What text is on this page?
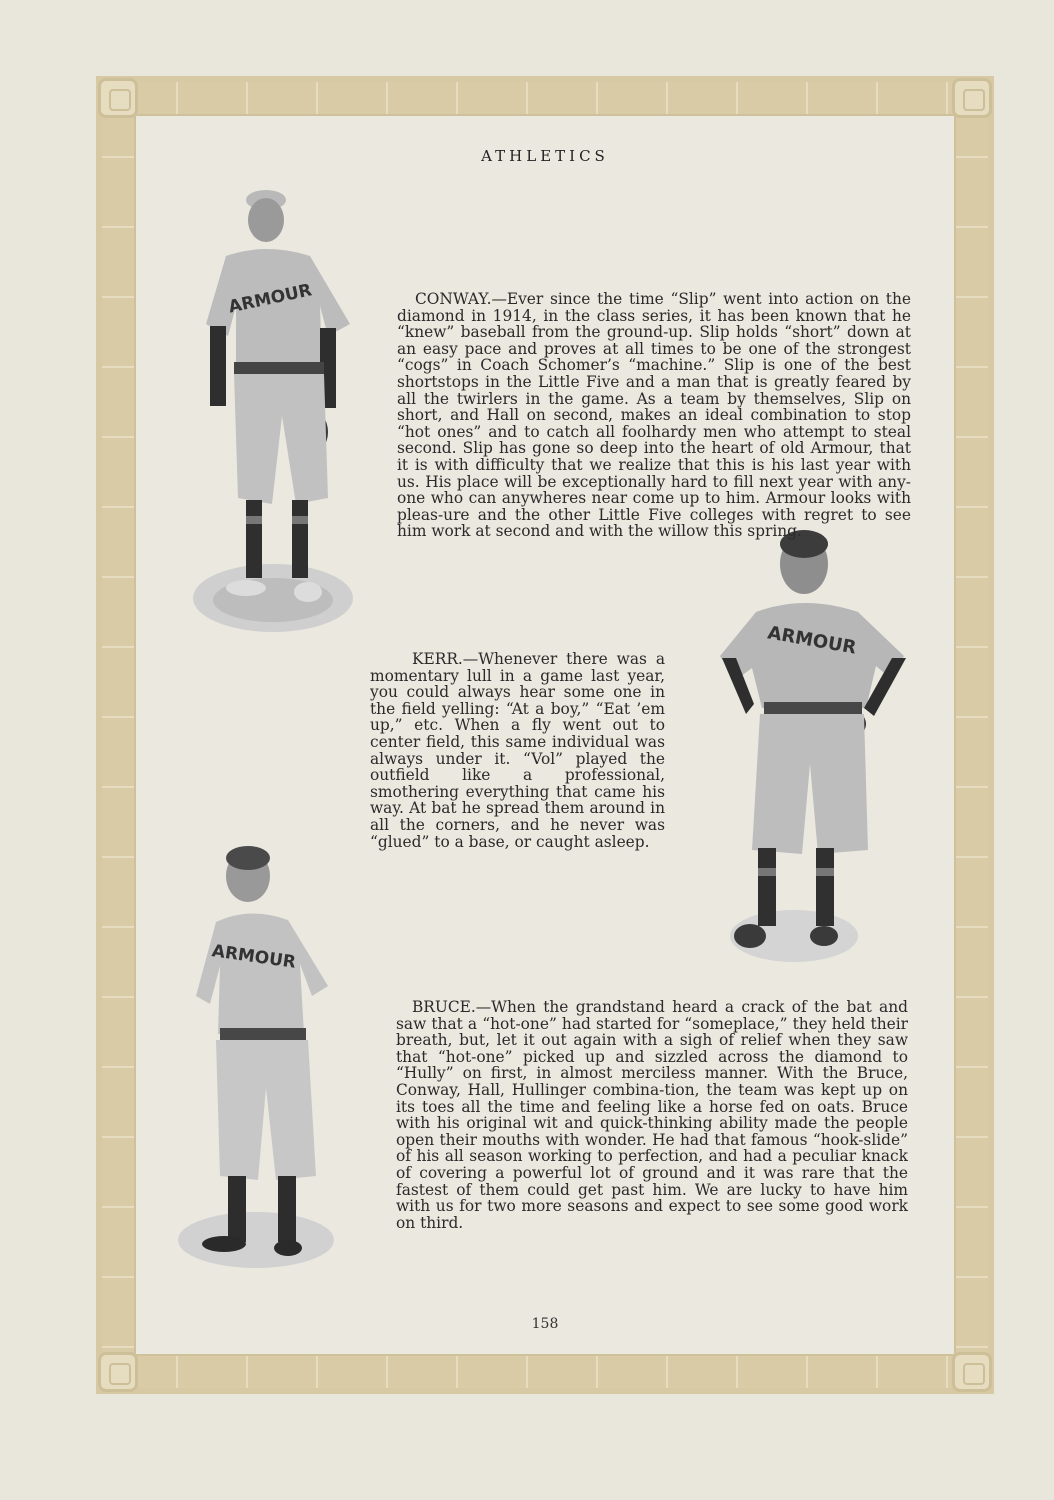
ATHLETICS
ARMOUR
ARMOUR
ARMOUR
CONWAY.—Ever since the time “Slip” went into action on the diamond in 1914, in the class series, it has been known that he “knew” baseball from the ground-up. Slip holds “short” down at an easy pace and proves at all times to be one of the strongest “cogs” in Coach Schomer’s “machine.” Slip is one of the best shortstops in the Little Five and a man that is greatly feared by all the twirlers in the game. As a team by themselves, Slip on short, and Hall on second, makes an ideal combination to stop “hot ones” and to catch all foolhardy men who attempt to steal second. Slip has gone so deep into the heart of old Armour, that it is with difficulty that we realize that this is his last year with us. His place will be exceptionally hard to fill next year with any-one who can anywheres near come up to him. Armour looks with pleas-ure and the other Little Five colleges with regret to see him work at second and with the willow this spring.
KERR.—Whenever there was a momentary lull in a game last year, you could always hear some one in the field yelling: “At a boy,” “Eat ’em up,” etc. When a fly went out to center field, this same individual was always under it. “Vol” played the outfield like a professional, smothering everything that came his way. At bat he spread them around in all the corners, and he never was “glued” to a base, or caught asleep.
BRUCE.—When the grandstand heard a crack of the bat and saw that a “hot-one” had started for “someplace,” they held their breath, but, let it out again with a sigh of relief when they saw that “hot-one” picked up and sizzled across the diamond to “Hully” on first, in almost merciless manner. With the Bruce, Conway, Hall, Hullinger combina-tion, the team was kept up on its toes all the time and feeling like a horse fed on oats. Bruce with his original wit and quick-thinking ability made the people open their mouths with wonder. He had that famous “hook-slide” of his all season working to perfection, and had a peculiar knack of covering a powerful lot of ground and it was rare that the fastest of them could get past him. We are lucky to have him with us for two more seasons and expect to see some good work on third.
158
